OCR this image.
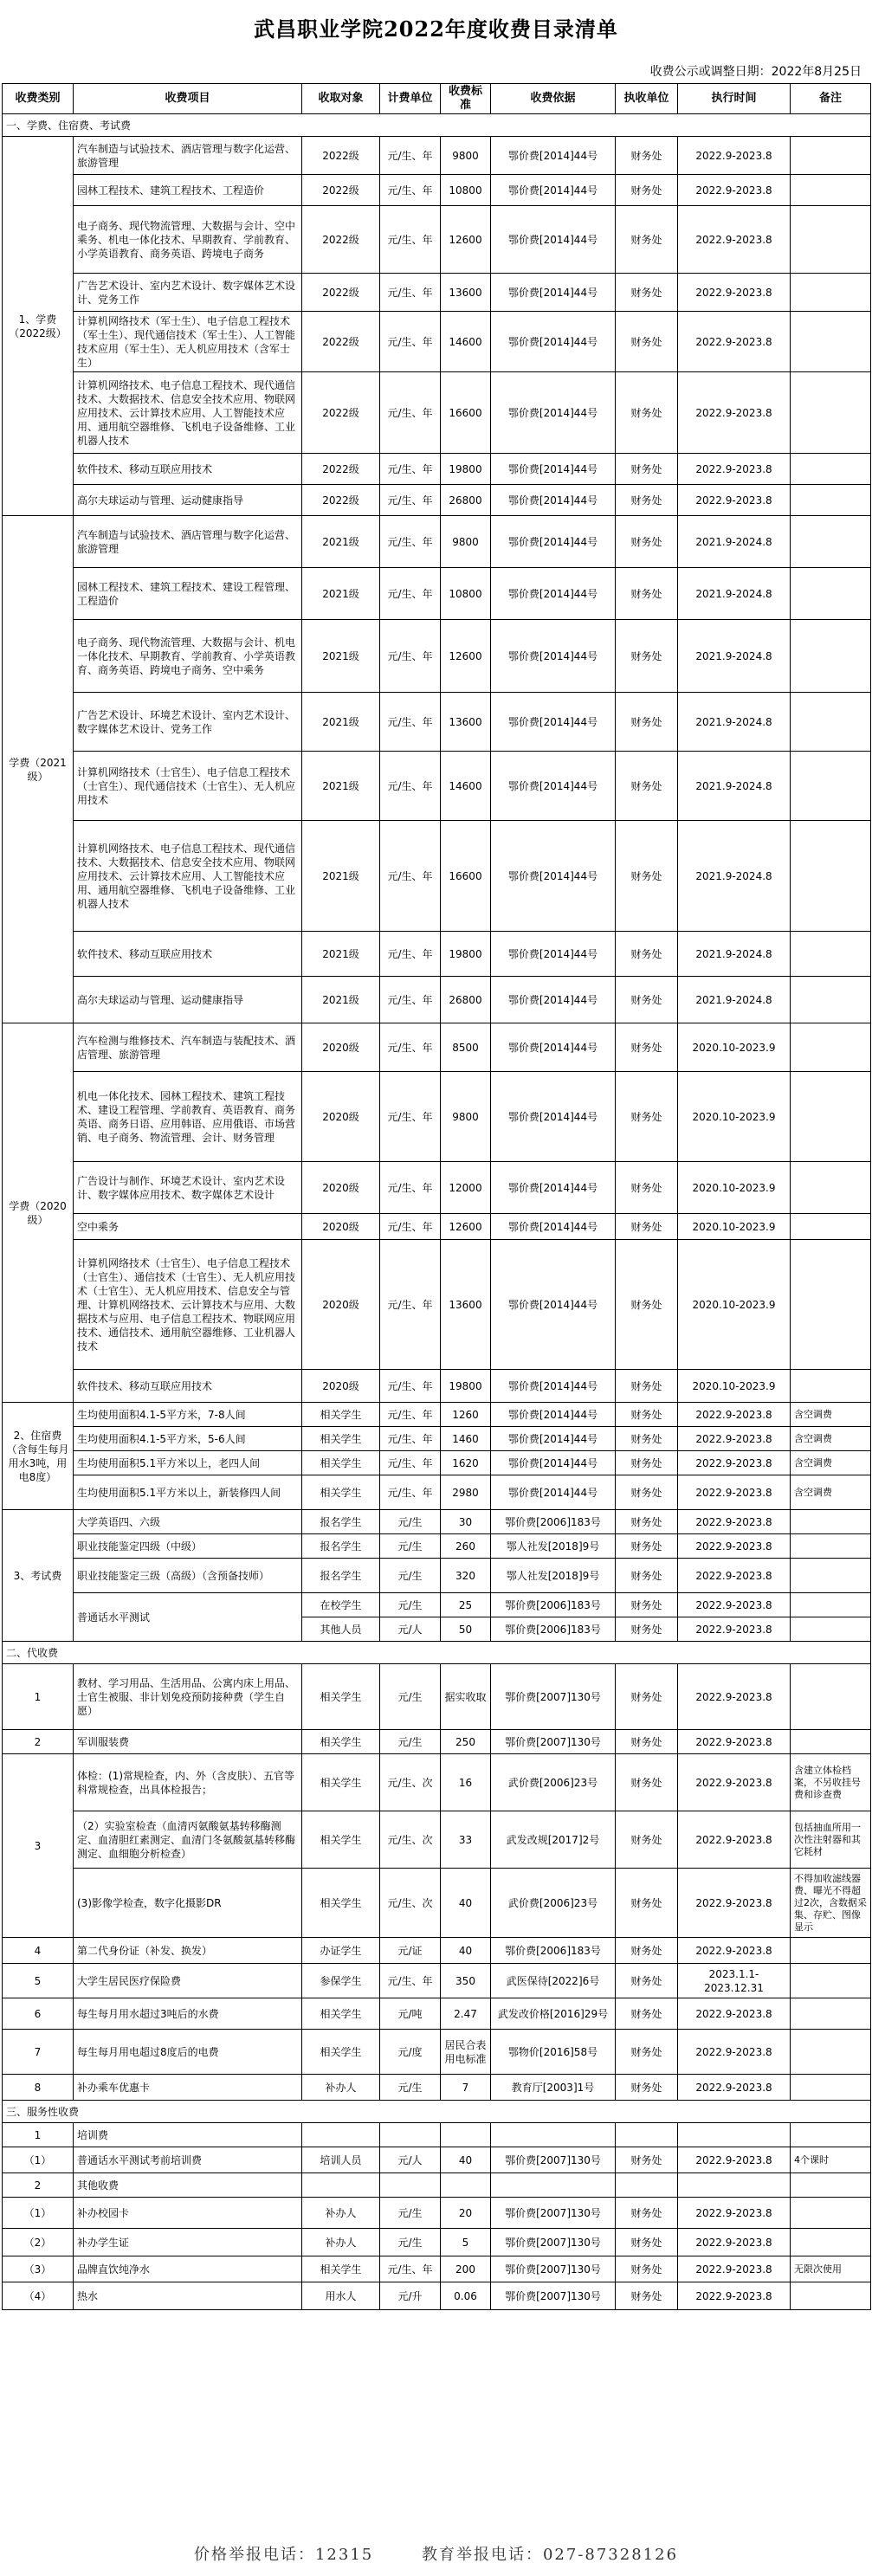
武昌职业学院2022年度收费目录清单
收费公示或调整日期：2022年8月25日
收费类别	收费项目	收取对象	计费单位	收费标准	收费依据	执收单位	执行时间	备注
一、学费、住宿费、考试费								
1、学费（2022级）	汽车制造与试验技术、酒店管理与数字化运营、旅游管理	2022级	元/生、年	9800	鄂价费[2014]44号	财务处	2022.9-2023.8	
	园林工程技术、建筑工程技术、工程造价	2022级	元/生、年	10800	鄂价费[2014]44号	财务处	2022.9-2023.8	
	电子商务、现代物流管理、大数据与会计、空中乘务、机电一体化技术、早期教育、学前教育、小学英语教育、商务英语、跨境电子商务	2022级	元/生、年	12600	鄂价费[2014]44号	财务处	2022.9-2023.8	
	广告艺术设计、室内艺术设计、数字媒体艺术设计、党务工作	2022级	元/生、年	13600	鄂价费[2014]44号	财务处	2022.9-2023.8	
	计算机网络技术（军士生）、电子信息工程技术（军士生）、现代通信技术（军士生）、人工智能技术应用（军士生）、无人机应用技术（含军士生）	2022级	元/生、年	14600	鄂价费[2014]44号	财务处	2022.9-2023.8	
	计算机网络技术、电子信息工程技术、现代通信技术、大数据技术、信息安全技术应用、物联网应用技术、云计算技术应用、人工智能技术应用、通用航空器维修、飞机电子设备维修、工业机器人技术	2022级	元/生、年	16600	鄂价费[2014]44号	财务处	2022.9-2023.8	
	软件技术、移动互联应用技术	2022级	元/生、年	19800	鄂价费[2014]44号	财务处	2022.9-2023.8	
	高尔夫球运动与管理、运动健康指导	2022级	元/生、年	26800	鄂价费[2014]44号	财务处	2022.9-2023.8	
学费（2021级）	汽车制造与试验技术、酒店管理与数字化运营、旅游管理	2021级	元/生、年	9800	鄂价费[2014]44号	财务处	2021.9-2024.8	
	园林工程技术、建筑工程技术、建设工程管理、工程造价	2021级	元/生、年	10800	鄂价费[2014]44号	财务处	2021.9-2024.8	
	电子商务、现代物流管理、大数据与会计、机电一体化技术、早期教育、学前教育、小学英语教育、商务英语、跨境电子商务、空中乘务	2021级	元/生、年	12600	鄂价费[2014]44号	财务处	2021.9-2024.8	
	广告艺术设计、环境艺术设计、室内艺术设计、数字媒体艺术设计、党务工作	2021级	元/生、年	13600	鄂价费[2014]44号	财务处	2021.9-2024.8	
	计算机网络技术（士官生）、电子信息工程技术（士官生）、现代通信技术（士官生）、无人机应用技术	2021级	元/生、年	14600	鄂价费[2014]44号	财务处	2021.9-2024.8	
	计算机网络技术、电子信息工程技术、现代通信技术、大数据技术、信息安全技术应用、物联网应用技术、云计算技术应用、人工智能技术应用、通用航空器维修、飞机电子设备维修、工业机器人技术	2021级	元/生、年	16600	鄂价费[2014]44号	财务处	2021.9-2024.8	
	软件技术、移动互联应用技术	2021级	元/生、年	19800	鄂价费[2014]44号	财务处	2021.9-2024.8	
	高尔夫球运动与管理、运动健康指导	2021级	元/生、年	26800	鄂价费[2014]44号	财务处	2021.9-2024.8	
学费（2020级）	汽车检测与维修技术、汽车制造与装配技术、酒店管理、旅游管理	2020级	元/生、年	8500	鄂价费[2014]44号	财务处	2020.10-2023.9	
	机电一体化技术、园林工程技术、建筑工程技术、建设工程管理、学前教育、英语教育、商务英语、商务日语、应用韩语、应用俄语、市场营销、电子商务、物流管理、会计、财务管理	2020级	元/生、年	9800	鄂价费[2014]44号	财务处	2020.10-2023.9	
	广告设计与制作、环境艺术设计、室内艺术设计、数字媒体应用技术、数字媒体艺术设计	2020级	元/生、年	12000	鄂价费[2014]44号	财务处	2020.10-2023.9	
	空中乘务	2020级	元/生、年	12600	鄂价费[2014]44号	财务处	2020.10-2023.9	
	计算机网络技术（士官生）、电子信息工程技术（士官生）、通信技术（士官生）、无人机应用技术（士官生）、无人机应用技术、信息安全与管理、计算机网络技术、云计算技术与应用、大数据技术与应用、电子信息工程技术、物联网应用技术、通信技术、通用航空器维修、工业机器人技术	2020级	元/生、年	13600	鄂价费[2014]44号	财务处	2020.10-2023.9	
	软件技术、移动互联应用技术	2020级	元/生、年	19800	鄂价费[2014]44号	财务处	2020.10-2023.9	
2、住宿费（含每生每月用水3吨，用电8度）	生均使用面积4.1-5平方米，7-8人间	相关学生	元/生、年	1260	鄂价费[2014]44号	财务处	2022.9-2023.8	含空调费
	生均使用面积4.1-5平方米，5-6人间	相关学生	元/生、年	1460	鄂价费[2014]44号	财务处	2022.9-2023.8	含空调费
	生均使用面积5.1平方米以上，老四人间	相关学生	元/生、年	1620	鄂价费[2014]44号	财务处	2022.9-2023.8	含空调费
	生均使用面积5.1平方米以上，新装修四人间	相关学生	元/生、年	2980	鄂价费[2014]44号	财务处	2022.9-2023.8	含空调费
3、考试费	大学英语四、六级	报名学生	元/生	30	鄂价费[2006]183号	财务处	2022.9-2023.8	
	职业技能鉴定四级（中级）	报名学生	元/生	260	鄂人社发[2018]9号	财务处	2022.9-2023.8	
	职业技能鉴定三级（高级）（含预备技师）	报名学生	元/生	320	鄂人社发[2018]9号	财务处	2022.9-2023.8	
	普通话水平测试	在校学生	元/生	25	鄂价费[2006]183号	财务处	2022.9-2023.8	
		其他人员	元/人	50	鄂价费[2006]183号	财务处	2022.9-2023.8	
二、代收费								
1	教材、学习用品、生活用品、公寓内床上用品、士官生被服、非计划免疫预防接种费（学生自愿）	相关学生	元/生	据实收取	鄂价费[2007]130号	财务处	2022.9-2023.8	
2	军训服装费	相关学生	元/生	250	鄂价费[2007]130号	财务处	2022.9-2023.8	
3	体检：(1)常规检查，内、外（含皮肤）、五官等科常规检查，出具体检报告；	相关学生	元/生、次	16	武价费[2006]23号	财务处	2022.9-2023.8	含建立体检档案，不另收挂号费和诊查费
	（2）实验室检查（血清丙氨酸氨基转移酶测定、血清胆红素测定、血清门冬氨酸氨基转移酶测定、血细胞分析检查）	相关学生	元/生、次	33	武发改规[2017]2号	财务处	2022.9-2023.8	包括抽血所用一次性注射器和其它耗材
	(3)影像学检查，数字化摄影DR	相关学生	元/生、次	40	武价费[2006]23号	财务处	2022.9-2023.8	不得加收滤线器费、曝光不得超过2次，含数据采集、存贮、图像显示
4	第二代身份证（补发、换发）	办证学生	元/证	40	鄂价费[2006]183号	财务处	2022.9-2023.8	
5	大学生居民医疗保险费	参保学生	元/生、年	350	武医保待[2022]6号	财务处	2023.1.1-2023.12.31	
6	每生每月用水超过3吨后的水费	相关学生	元/吨	2.47	武发改价格[2016]29号	财务处	2022.9-2023.8	
7	每生每月用电超过8度后的电费	相关学生	元/度	居民合表用电标准	鄂物价[2016]58号	财务处	2022.9-2023.8	
8	补办乘车优惠卡	补办人	元/生	7	教育厅[2003]1号	财务处	2022.9-2023.8	
三、服务性收费								
1	培训费							
（1）	普通话水平测试考前培训费	培训人员	元/人	40	鄂价费[2007]130号	财务处	2022.9-2023.8	4个课时
2	其他收费							
（1）	补办校园卡	补办人	元/生	20	鄂价费[2007]130号	财务处	2022.9-2023.8	
（2）	补办学生证	补办人	元/生	5	鄂价费[2007]130号	财务处	2022.9-2023.8	
（3）	品牌直饮纯净水	相关学生	元/生、年	200	鄂价费[2007]130号	财务处	2022.9-2023.8	无限次使用
（4）	热水	用水人	元/升	0.06	鄂价费[2007]130号	财务处	2022.9-2023.8	
价格举报电话：12315	教育举报电话：027-87328126
